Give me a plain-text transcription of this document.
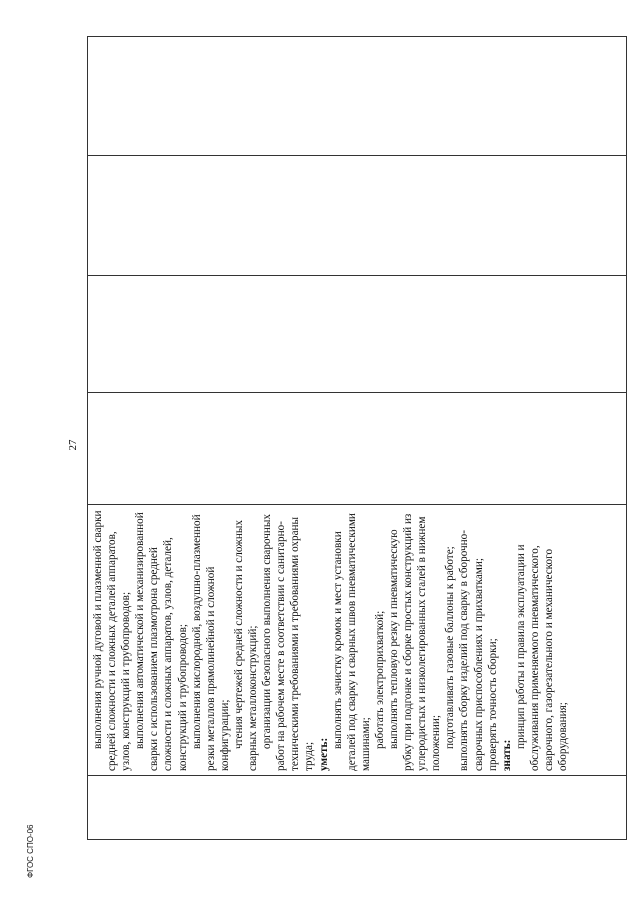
27

выполнения ручной дуговой и плазменной сварки средней сложности и сложных деталей аппаратов, узлов, конструкций и трубопроводов; выполнения автоматической и механизированной сварки с использованием плазмотрона средней сложности и сложных аппаратов, узлов, деталей, конструкций и трубопроводов; выполнения кислородной, воздушно-плазменной резки металлов прямолинейной и сложной конфигурации; чтения чертежей средней сложности и сложных сварных металлоконструкций; организации безопасного выполнения сварочных работ на рабочем месте в соответствии с санитарно-техническими требованиями и требованиями охраны труда; уметь:

выполнять зачистку кромок и мест установки деталей под сварку и сварных швов пневматическими машинами; работать электроприхваткой; выполнять тепловую резку и пневматическую рубку при подгонке и сборке простых конструкций из углеродистых и низколегированных сталей в нижнем положении; подготавливать газовые баллоны к работе; выполнять сборку изделий под сварку в сборочно-сварочных приспособлениях и прихватками; проверять точность сборки; знать:

принцип работы и правила эксплуатации и обслуживания применяемого пневматического, сварочного, газорезательного и механического оборудования;

ФГОС СПО-06
